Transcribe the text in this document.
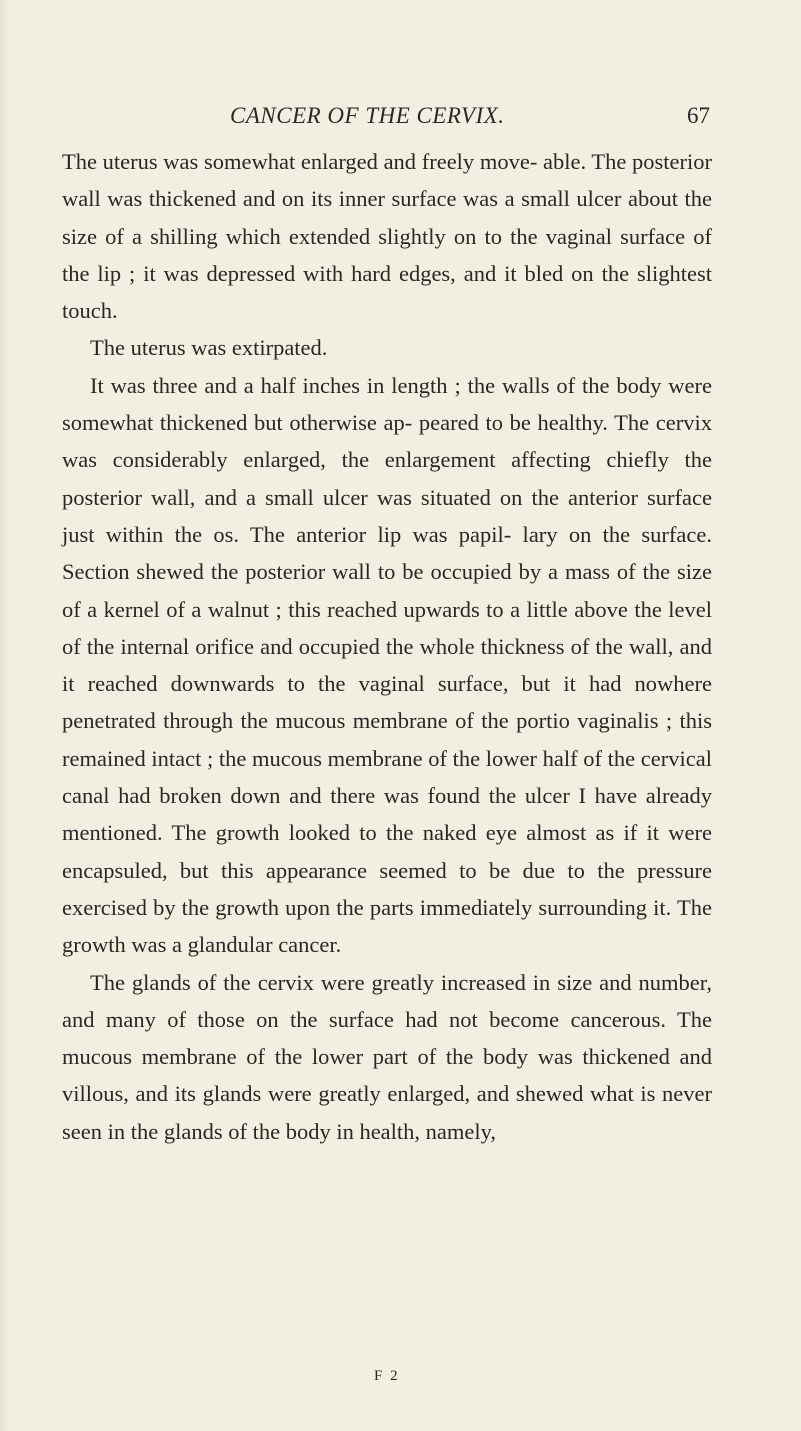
CANCER OF THE CERVIX.	67

The uterus was somewhat enlarged and freely move- able. The posterior wall was thickened and on its inner surface was a small ulcer about the size of a shilling which extended slightly on to the vaginal surface of the lip ; it was depressed with hard edges, and it bled on the slightest touch.

The uterus was extirpated.

It was three and a half inches in length ; the walls of the body were somewhat thickened but otherwise ap- peared to be healthy. The cervix was considerably enlarged, the enlargement affecting chiefly the posterior wall, and a small ulcer was situated on the anterior surface just within the os. The anterior lip was papil- lary on the surface. Section shewed the posterior wall to be occupied by a mass of the size of a kernel of a walnut ; this reached upwards to a little above the level of the internal orifice and occupied the whole thickness of the wall, and it reached downwards to the vaginal surface, but it had nowhere penetrated through the mucous membrane of the portio vaginalis ; this remained intact ; the mucous membrane of the lower half of the cervical canal had broken down and there was found the ulcer I have already mentioned. The growth looked to the naked eye almost as if it were encapsuled, but this appearance seemed to be due to the pressure exercised by the growth upon the parts immediately surrounding it. The growth was a glandular cancer.

The glands of the cervix were greatly increased in size and number, and many of those on the surface had not become cancerous. The mucous membrane of the lower part of the body was thickened and villous, and its glands were greatly enlarged, and shewed what is never seen in the glands of the body in health, namely,

F 2
